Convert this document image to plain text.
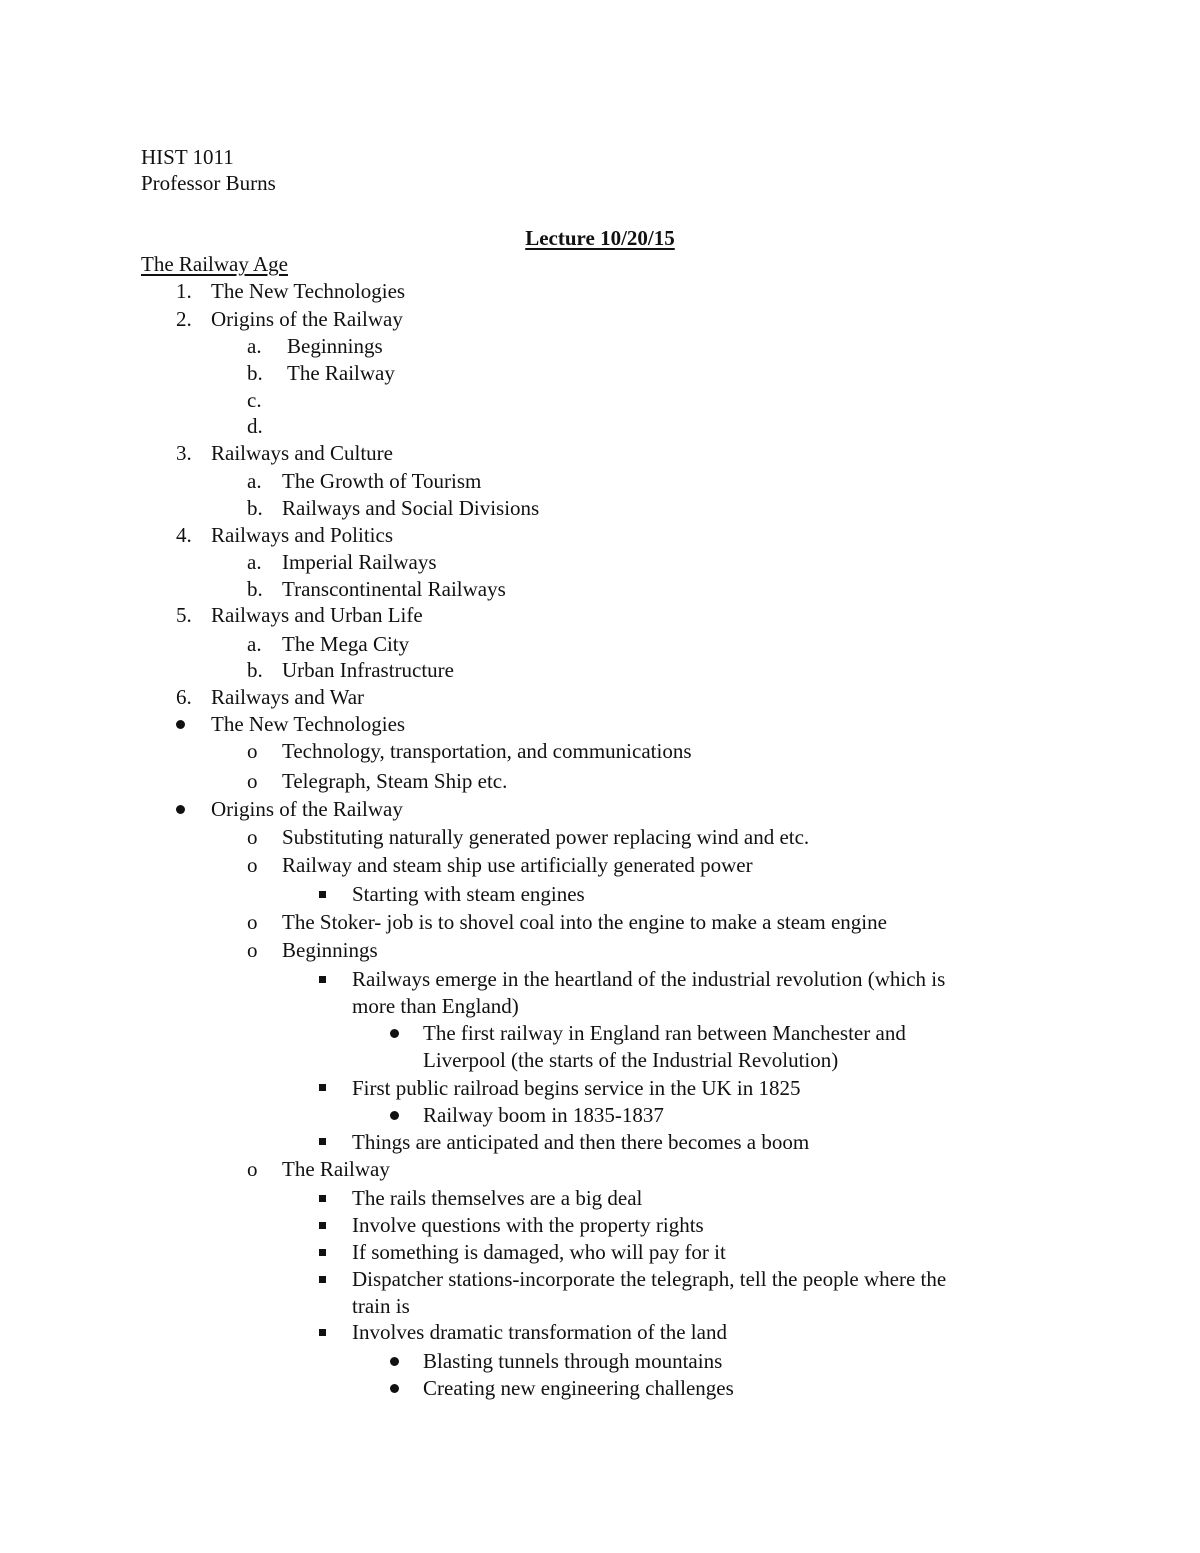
HIST 1011
Professor Burns
Lecture 10/20/15
The Railway Age
1. The New Technologies
2. Origins of the Railway
a. Beginnings
b. The Railway
c.
d.
3. Railways and Culture
a. The Growth of Tourism
b. Railways and Social Divisions
4. Railways and Politics
a. Imperial Railways
b. Transcontinental Railways
5. Railways and Urban Life
a. The Mega City
b. Urban Infrastructure
6. Railways and War
The New Technologies
o Technology, transportation, and communications
o Telegraph, Steam Ship etc.
Origins of the Railway
o Substituting naturally generated power replacing wind and etc.
o Railway and steam ship use artificially generated power
Starting with steam engines
o The Stoker- job is to shovel coal into the engine to make a steam engine
o Beginnings
Railways emerge in the heartland of the industrial revolution (which is
more than England)
The first railway in England ran between Manchester and
Liverpool (the starts of the Industrial Revolution)
First public railroad begins service in the UK in 1825
Railway boom in 1835-1837
Things are anticipated and then there becomes a boom
o The Railway
The rails themselves are a big deal
Involve questions with the property rights
If something is damaged, who will pay for it
Dispatcher stations-incorporate the telegraph, tell the people where the
train is
Involves dramatic transformation of the land
Blasting tunnels through mountains
Creating new engineering challenges
